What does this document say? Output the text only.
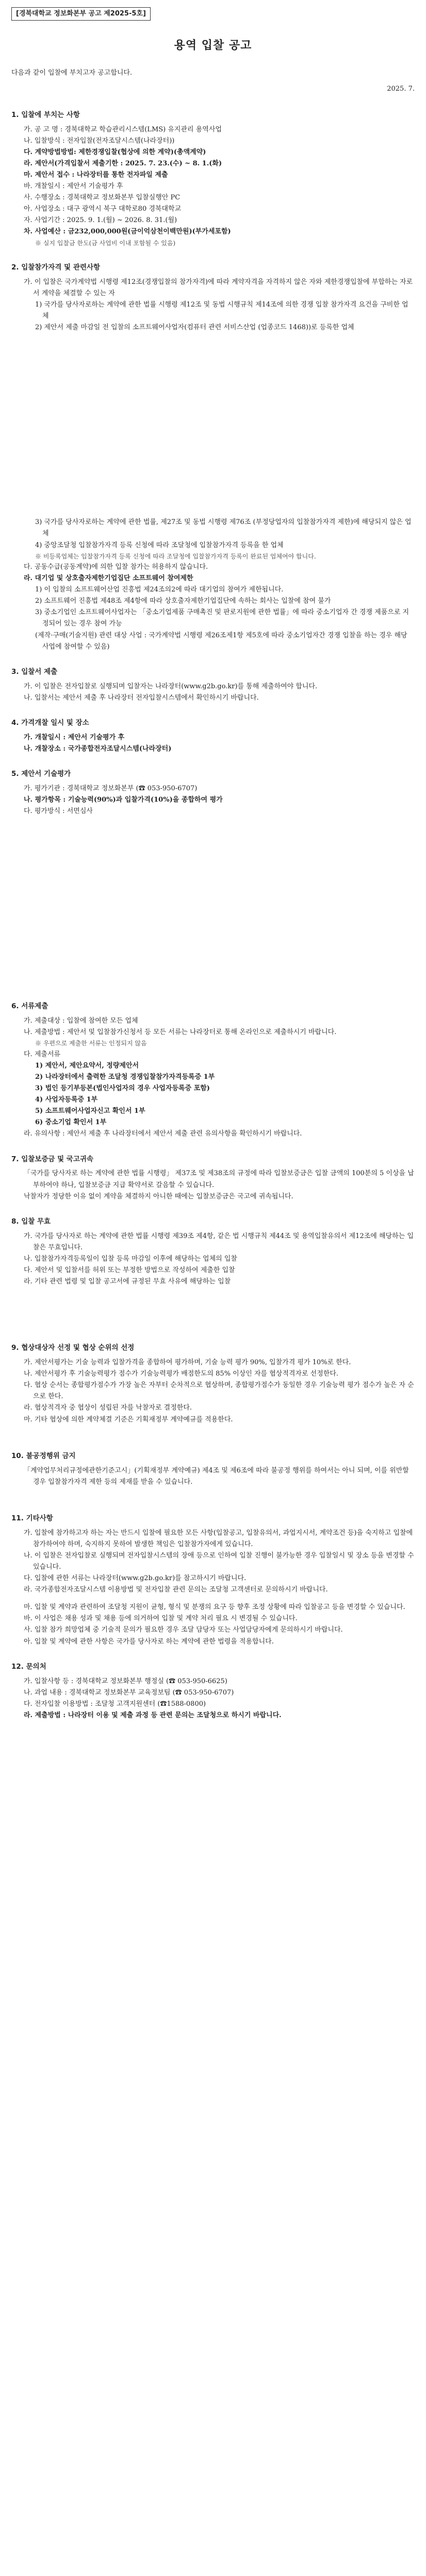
[경북대학교 정보화본부 공고 제2025-5호]
용역 입찰 공고

다음과 같이 입찰에 부치고자 공고합니다.

2025. 7.

1. 입찰에 부치는 사항

가. 공 고 명 : 경북대학교 학습관리시스템(LMS) 유지관리 용역사업

나. 입찰방식 : 전자입찰(전자조달시스템(나라장터))

다. 계약방법방법: 제한경쟁입찰(협상에 의한 계약)(총액계약)

라. 제안서(가격입찰서 제출기한 : 2025. 7. 23.(수) ~ 8. 1.(화)

마. 제안서 접수 : 나라장터를 통한 전자파일 제출

바. 개찰일시 : 제안서 기술평가 후

사. 수행장소 : 경북대학교 정보화본부 입찰실행안 PC

아. 사업장소 : 대구 광역시 북구 대학로80 경북대학교

자. 사업기간 : 2025. 9. 1.(월) ~ 2026. 8. 31.(월)

차. 사업예산 : 금232,000,000원(금이억삼천이백만원)(부가세포함)

※ 실지 입찰금 한도(금 사업비 이내 포함될 수 있음)

2. 입찰참가자격 및 관련사항

가. 이 입찰은 국가계약법 시행령 제12조(경쟁입찰의 참가자격)에 따라 계약자격을 자격하지 않은 자와 제한경쟁입찰에 부합하는 자로서 계약을 체결할 수 있는 자

1) 국가를 당사자로하는 계약에 관한 법률 시행령 제12조 및 동법 시행규칙 제14조에 의한 경쟁 입찰 참가자격 요건을 구비한 업체

2) 제안서 제출 마감일 전 입찰의 소프트웨어사업자(컴퓨터 관련 서비스산업 (업종코드 1468))로 등록한 업체

3) 국가를 당사자로하는 계약에 관한 법률, 제27조 및 동법 시행령 제76조 (부정당업자의 입찰참가자격 제한)에 해당되지 않은 업체

4) 중앙조달청 입찰참가자격 등록 신청에 따라 조달청에 입찰참가자격 등록을 한 업체

※ 비등록업체는 입찰참가자격 등록 신청에 따라 조달청에 입찰참가자격 등록이 완료된 업체여야 합니다.

다. 공동수급(공동계약)에 의한 입찰 참가는 허용하지 않습니다.

라. 대기업 및 상호출자제한기업집단 소프트웨어 참여제한

1) 이 입찰의 소프트웨어산업 진흥법 제24조의2에 따라 대기업의 참여가 제한됩니다.

2) 소프트웨어 진흥법 제48조 제4항에 따라 상호출자제한기업집단에 속하는 회사는 입찰에 참여 불가

3) 중소기업인 소프트웨어사업자는 「중소기업제품 구매촉진 및 판로지원에 관한 법률」에 따라 중소기업자 간 경쟁 제품으로 지정되어 있는 경우 참여 가능

(제작·구매(기술지원) 관련 대상 사업 : 국가계약법 시행령 제26조제1항 제5호에 따라 중소기업자간 경쟁 입찰을 하는 경우 해당 사업에 참여할 수 있음)

3. 입찰서 제출

가. 이 입찰은 전자입찰로 실행되며 입찰자는 나라장터(www.g2b.go.kr)를 통해 제출하여야 합니다.

나. 입찰서는 제안서 제출 후 나라장터 전자입찰시스템에서 확인하시기 바랍니다.

4. 가격개찰 일시 및 장소

가. 개찰일시 : 제안서 기술평가 후

나. 개찰장소 : 국가종합전자조달시스템(나라장터)

5. 제안서 기술평가

가. 평가기관 : 경북대학교 정보화본부 (☎ 053-950-6707)

나. 평가항목 : 기술능력(90%)과 입찰가격(10%)을 종합하여 평가

다. 평가방식 : 서면심사

6. 서류제출

가. 제출대상 : 입찰에 참여한 모든 업체

나. 제출방법 : 제안서 및 입찰참가신청서 등 모든 서류는 나라장터로 통해 온라인으로 제출하시기 바랍니다.

※ 우편으로 제출한 서류는 인정되지 않음

다. 제출서류

1) 제안서, 제안요약서, 정량제안서

2) 나라장터에서 출력한 조달청 경쟁입찰참가자격등록증 1부

3) 법인 등기부등본(법인사업자의 경우 사업자등록증 포함)

4) 사업자등록증 1부

5) 소프트웨어사업자신고 확인서 1부

6) 중소기업 확인서 1부

라. 유의사항 : 제안서 제출 후 나라장터에서 제안서 제출 관련 유의사항을 확인하시기 바랍니다.

7. 입찰보증금 및 국고귀속

「국가를 당사자로 하는 계약에 관한 법률 시행령」 제37조 및 제38조의 규정에 따라 입찰보증금은 입찰 금액의 100분의 5 이상을 납부하여야 하나, 입찰보증금 지급 확약서로 갈음할 수 있습니다.

낙찰자가 정당한 이유 없이 계약을 체결하지 아니한 때에는 입찰보증금은 국고에 귀속됩니다.

8. 입찰 무효

가. 국가를 당사자로 하는 계약에 관한 법률 시행령 제39조 제4항, 같은 법 시행규칙 제44조 및 용역입찰유의서 제12조에 해당하는 입찰은 무효입니다.

나. 입찰참가자격등록일이 입찰 등록 마감일 이후에 해당하는 업체의 입찰

다. 제안서 및 입찰서를 허위 또는 부정한 방법으로 작성하여 제출한 입찰

라. 기타 관련 법령 및 입찰 공고서에 규정된 무효 사유에 해당하는 입찰

9. 협상대상자 선정 및 협상 순위의 선정

가. 제안서평가는 기술 능력과 입찰가격을 종합하여 평가하며, 기술 능력 평가 90%, 입찰가격 평가 10%로 한다.

나. 제안서평가 후 기술능력평가 점수가 기술능력평가 배점한도의 85% 이상인 자를 협상적격자로 선정한다.

다. 협상 순서는 종합평가점수가 가장 높은 자부터 순차적으로 협상하며, 종합평가점수가 동일한 경우 기술능력 평가 점수가 높은 자 순으로 한다.

라. 협상적격자 중 협상이 성립된 자를 낙찰자로 결정한다.

마. 기타 협상에 의한 계약체결 기준은 기획재정부 계약예규를 적용한다.

10. 불공정행위 금지

「계약업무처리규정에관한기준고시」(기획재정부 계약예규) 제4조 및 제6조에 따라 불공정 행위를 하여서는 아니 되며, 이를 위반할 경우 입찰참가자격 제한 등의 제재를 받을 수 있습니다.

11. 기타사항

가. 입찰에 참가하고자 하는 자는 반드시 입찰에 필요한 모든 사항(입찰공고, 입찰유의서, 과업지시서, 계약조건 등)을 숙지하고 입찰에 참가하여야 하며, 숙지하지 못하여 발생한 책임은 입찰참가자에게 있습니다.

나. 이 입찰은 전자입찰로 실행되며 전자입찰시스템의 장애 등으로 인하여 입찰 진행이 불가능한 경우 입찰일시 및 장소 등을 변경할 수 있습니다.

다. 입찰에 관한 서류는 나라장터(www.g2b.go.kr)를 참고하시기 바랍니다.

라. 국가종합전자조달시스템 이용방법 및 전자입찰 관련 문의는 조달청 고객센터로 문의하시기 바랍니다.

마. 입찰 및 계약과 관련하여 조달청 지원이 균형, 형식 및 분쟁의 요구 등 향후 조정 상황에 따라 입찰공고 등을 변경할 수 있습니다.

바. 이 사업은 채용 성과 및 채용 등에 의거하여 입찰 및 계약 처리 필요 시 변경될 수 있습니다.

사. 입찰 참가 희망업체 중 기술적 문의가 필요한 경우 조달 담당자 또는 사업담당자에게 문의하시기 바랍니다.

아. 입찰 및 계약에 관한 사항은 국가를 당사자로 하는 계약에 관한 법령을 적용합니다.

12. 문의처

가. 입찰사항 등 : 경북대학교 정보화본부 행정실 (☎ 053-950-6625)

나. 과업 내용 : 경북대학교 정보화본부 교육정보팀 (☎ 053-950-6707)

다. 전자입찰 이용방법 : 조달청 고객지원센터 (☎1588-0800)

라. 제출방법 : 나라장터 이용 및 제출 과정 등 관련 문의는 조달청으로 하시기 바랍니다.
